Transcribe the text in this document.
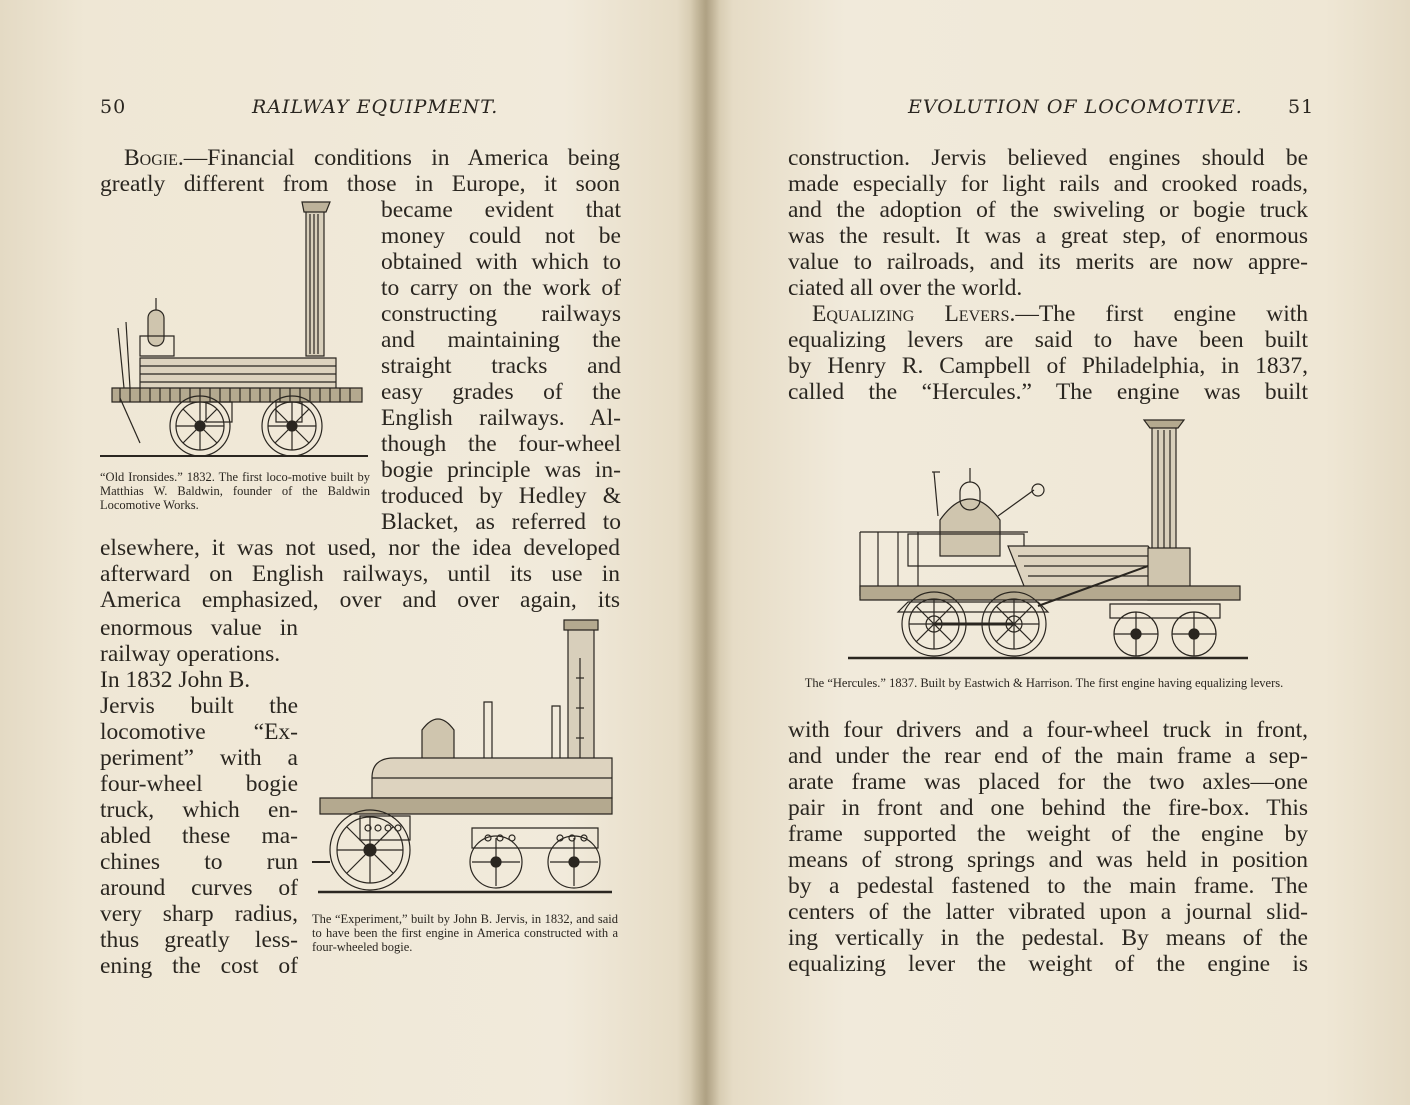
50	RAILWAY EQUIPMENT.
Bogie.—Financial conditions in America being
greatly different from those in Europe, it soon
became evident that
money could not be
obtained with which to
to carry on the work of
constructing railways
and maintaining the
straight tracks and
easy grades of the
English railways. Al-
though the four-wheel
bogie principle was in-
troduced by Hedley &
Blacket, as referred to
elsewhere, it was not used, nor the idea developed
afterward on English railways, until its use in
America emphasized, over and over again, its
enormous value in
railway operations.
In 1832 John B.
Jervis built the
locomotive “Ex-
periment” with a
four-wheel bogie
truck, which en-
abled these ma-
chines to run
around curves of
very sharp radius,
thus greatly less-
ening the cost of
“Old Ironsides.” 1832. The first loco-motive built by Matthias W. Baldwin, founder of the Baldwin Locomotive Works.
The “Experiment,” built by John B. Jervis, in 1832, and said to have been the first engine in America constructed with a four-wheeled bogie.
EVOLUTION OF LOCOMOTIVE. 51
construction. Jervis believed engines should be
made especially for light rails and crooked roads,
and the adoption of the swiveling or bogie truck
was the result. It was a great step, of enormous
value to railroads, and its merits are now appre-
ciated all over the world.
Equalizing Levers.—The first engine with
equalizing levers are said to have been built
by Henry R. Campbell of Philadelphia, in 1837,
called the “Hercules.” The engine was built
with four drivers and a four-wheel truck in front,
and under the rear end of the main frame a sep-
arate frame was placed for the two axles—one
pair in front and one behind the fire-box. This
frame supported the weight of the engine by
means of strong springs and was held in position
by a pedestal fastened to the main frame. The
centers of the latter vibrated upon a journal slid-
ing vertically in the pedestal. By means of the
equalizing lever the weight of the engine is
The “Hercules.” 1837. Built by Eastwich & Harrison. The first engine having equalizing levers.
